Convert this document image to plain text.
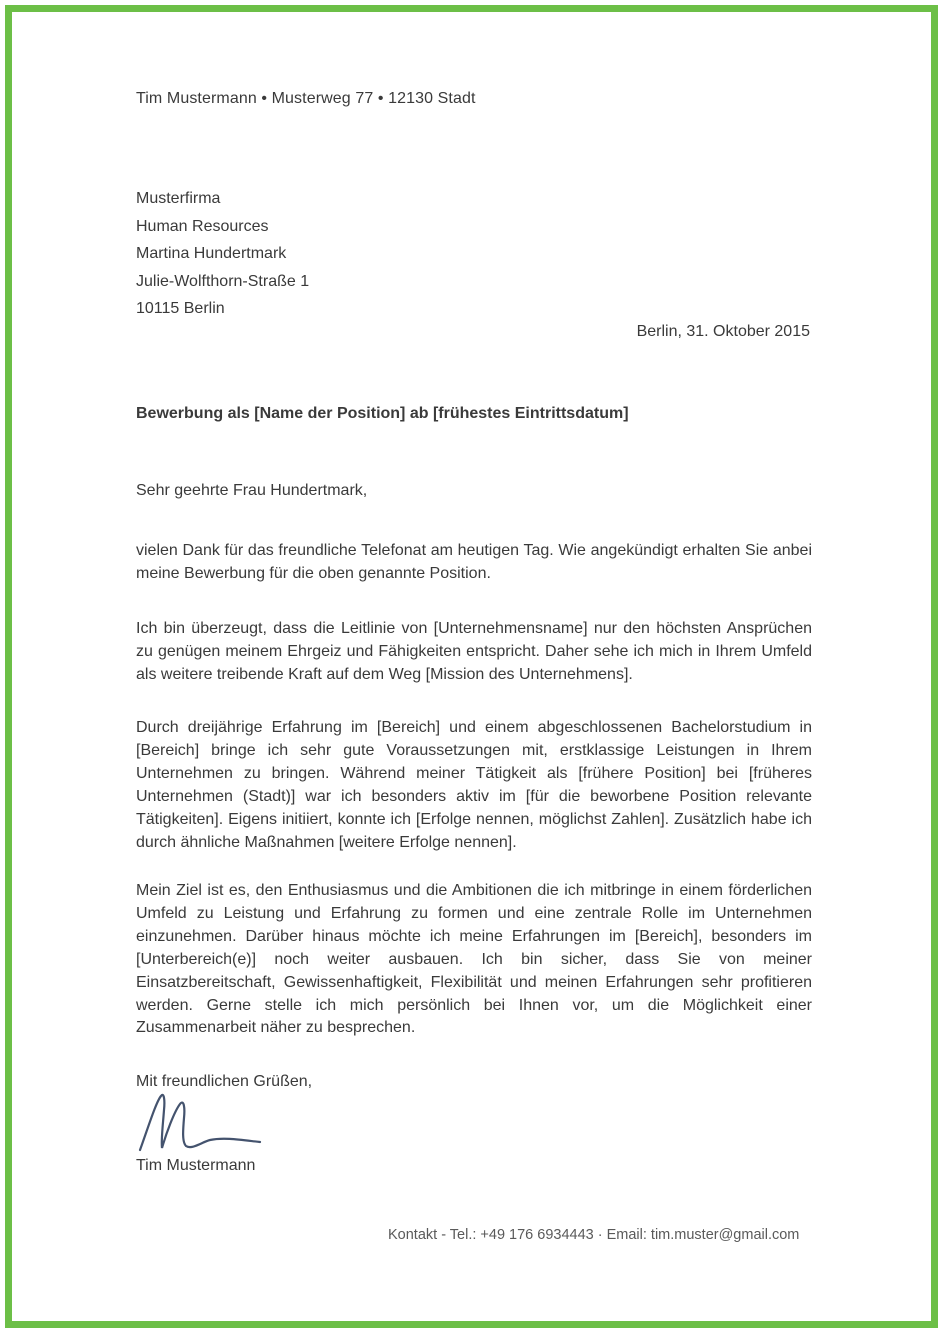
Tim Mustermann • Musterweg 77 • 12130 Stadt
Musterfirma
Human Resources
Martina Hundertmark
Julie-Wolfthorn-Straße 1
10115 Berlin
Berlin, 31. Oktober 2015
Bewerbung als [Name der Position] ab [frühestes Eintrittsdatum]
Sehr geehrte Frau Hundertmark,
vielen Dank für das freundliche Telefonat am heutigen Tag. Wie angekündigt erhalten Sie anbei meine Bewerbung für die oben genannte Position.
Ich bin überzeugt, dass die Leitlinie von [Unternehmensname] nur den höchsten Ansprüchen zu genügen meinem Ehrgeiz und Fähigkeiten entspricht. Daher sehe ich mich in Ihrem Umfeld als weitere treibende Kraft auf dem Weg [Mission des Unternehmens].
Durch dreijährige Erfahrung im [Bereich] und einem abgeschlossenen Bachelorstudium in [Bereich] bringe ich sehr gute Voraussetzungen mit, erstklassige Leistungen in Ihrem Unternehmen zu bringen. Während meiner Tätigkeit als [frühere Position] bei [früheres Unternehmen (Stadt)] war ich besonders aktiv im [für die beworbene Position relevante Tätigkeiten]. Eigens initiiert, konnte ich [Erfolge nennen, möglichst Zahlen]. Zusätzlich habe ich durch ähnliche Maßnahmen [weitere Erfolge nennen].
Mein Ziel ist es, den Enthusiasmus und die Ambitionen die ich mitbringe in einem förderlichen Umfeld zu Leistung und Erfahrung zu formen und eine zentrale Rolle im Unternehmen einzunehmen. Darüber hinaus möchte ich meine Erfahrungen im [Bereich], besonders im [Unterbereich(e)] noch weiter ausbauen. Ich bin sicher, dass Sie von meiner Einsatzbereitschaft, Gewissenhaftigkeit, Flexibilität und meinen Erfahrungen sehr profitieren werden. Gerne stelle ich mich persönlich bei Ihnen vor, um die Möglichkeit einer Zusammenarbeit näher zu besprechen.
Mit freundlichen Grüßen,
Tim Mustermann
Kontakt - Tel.: +49 176 6934443 · Email: tim.muster@gmail.com
